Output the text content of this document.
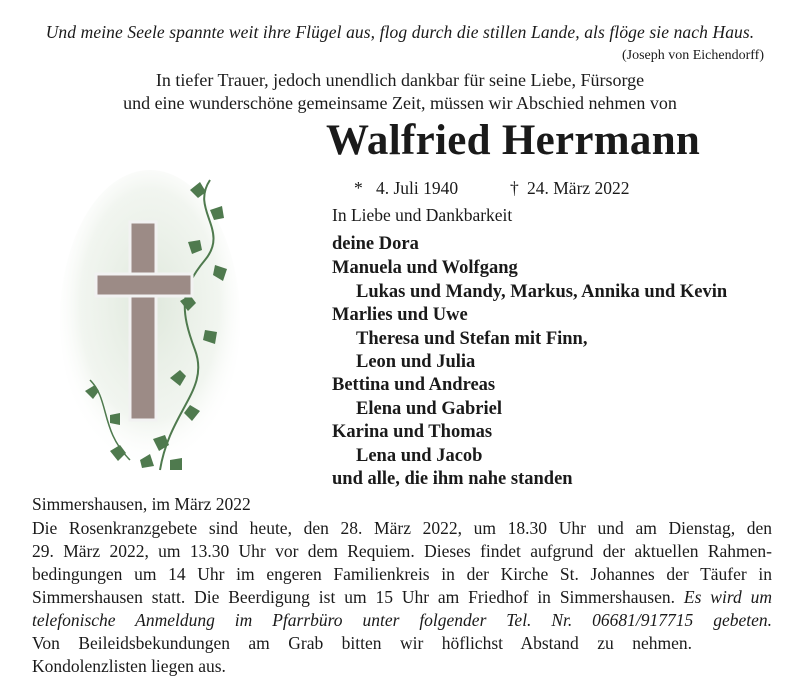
Und meine Seele spannte weit ihre Flügel aus, flog durch die stillen Lande, als flöge sie nach Haus.
(Joseph von Eichendorff)
In tiefer Trauer, jedoch unendlich dankbar für seine Liebe, Fürsorge
und eine wunderschöne gemeinsame Zeit, müssen wir Abschied nehmen von
Walfried Herrmann
* 4. Juli 1940	† 24. März 2022
In Liebe und Dankbarkeit
deine Dora
Manuela und Wolfgang
Lukas und Mandy, Markus, Annika und Kevin
Marlies und Uwe
Theresa und Stefan mit Finn,
Leon und Julia
Bettina und Andreas
Elena und Gabriel
Karina und Thomas
Lena und Jacob
und alle, die ihm nahe standen
Simmershausen, im März 2022
Die Rosenkranzgebete sind heute, den 28. März 2022, um 18.30 Uhr und am Dienstag, den
29. März 2022, um 13.30 Uhr vor dem Requiem. Dieses findet aufgrund der aktuellen Rahmen-
bedingungen um 14 Uhr im engeren Familienkreis in der Kirche St. Johannes der Täufer in
Simmershausen statt. Die Beerdigung ist um 15 Uhr am Friedhof in Simmershausen. Es wird um
telefonische Anmeldung im Pfarrbüro unter folgender Tel. Nr. 06681/917715 gebeten.
Von Beileidsbekundungen am Grab bitten wir höflichst Abstand zu nehmen.
Kondolenzlisten liegen aus.
